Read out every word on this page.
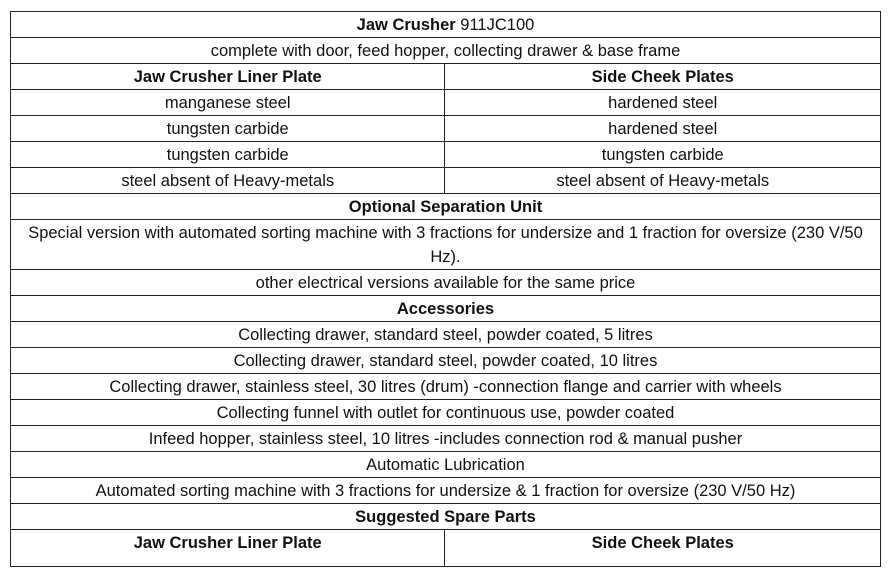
Jaw Crusher 911JC100	
complete with door, feed hopper, collecting drawer & base frame	
Jaw Crusher Liner Plate	Side Cheek Plates
manganese steel	hardened steel
tungsten carbide	hardened steel
tungsten carbide	tungsten carbide
steel absent of Heavy-metals	steel absent of Heavy-metals
Optional Separation Unit	
Special version with automated sorting machine with 3 fractions for undersize and 1 fraction for oversize (230 V/50 Hz).	
other electrical versions available for the same price	
Accessories	
Collecting drawer, standard steel, powder coated, 5 litres	
Collecting drawer, standard steel, powder coated, 10 litres	
Collecting drawer, stainless steel, 30 litres (drum) -connection flange and carrier with wheels	
Collecting funnel with outlet for continuous use, powder coated	
Infeed hopper, stainless steel, 10 litres -includes connection rod & manual pusher	
Automatic Lubrication	
Automated sorting machine with 3 fractions for undersize & 1 fraction for oversize (230 V/50 Hz)	
Suggested Spare Parts	
Jaw Crusher Liner Plate	Side Cheek Plates
